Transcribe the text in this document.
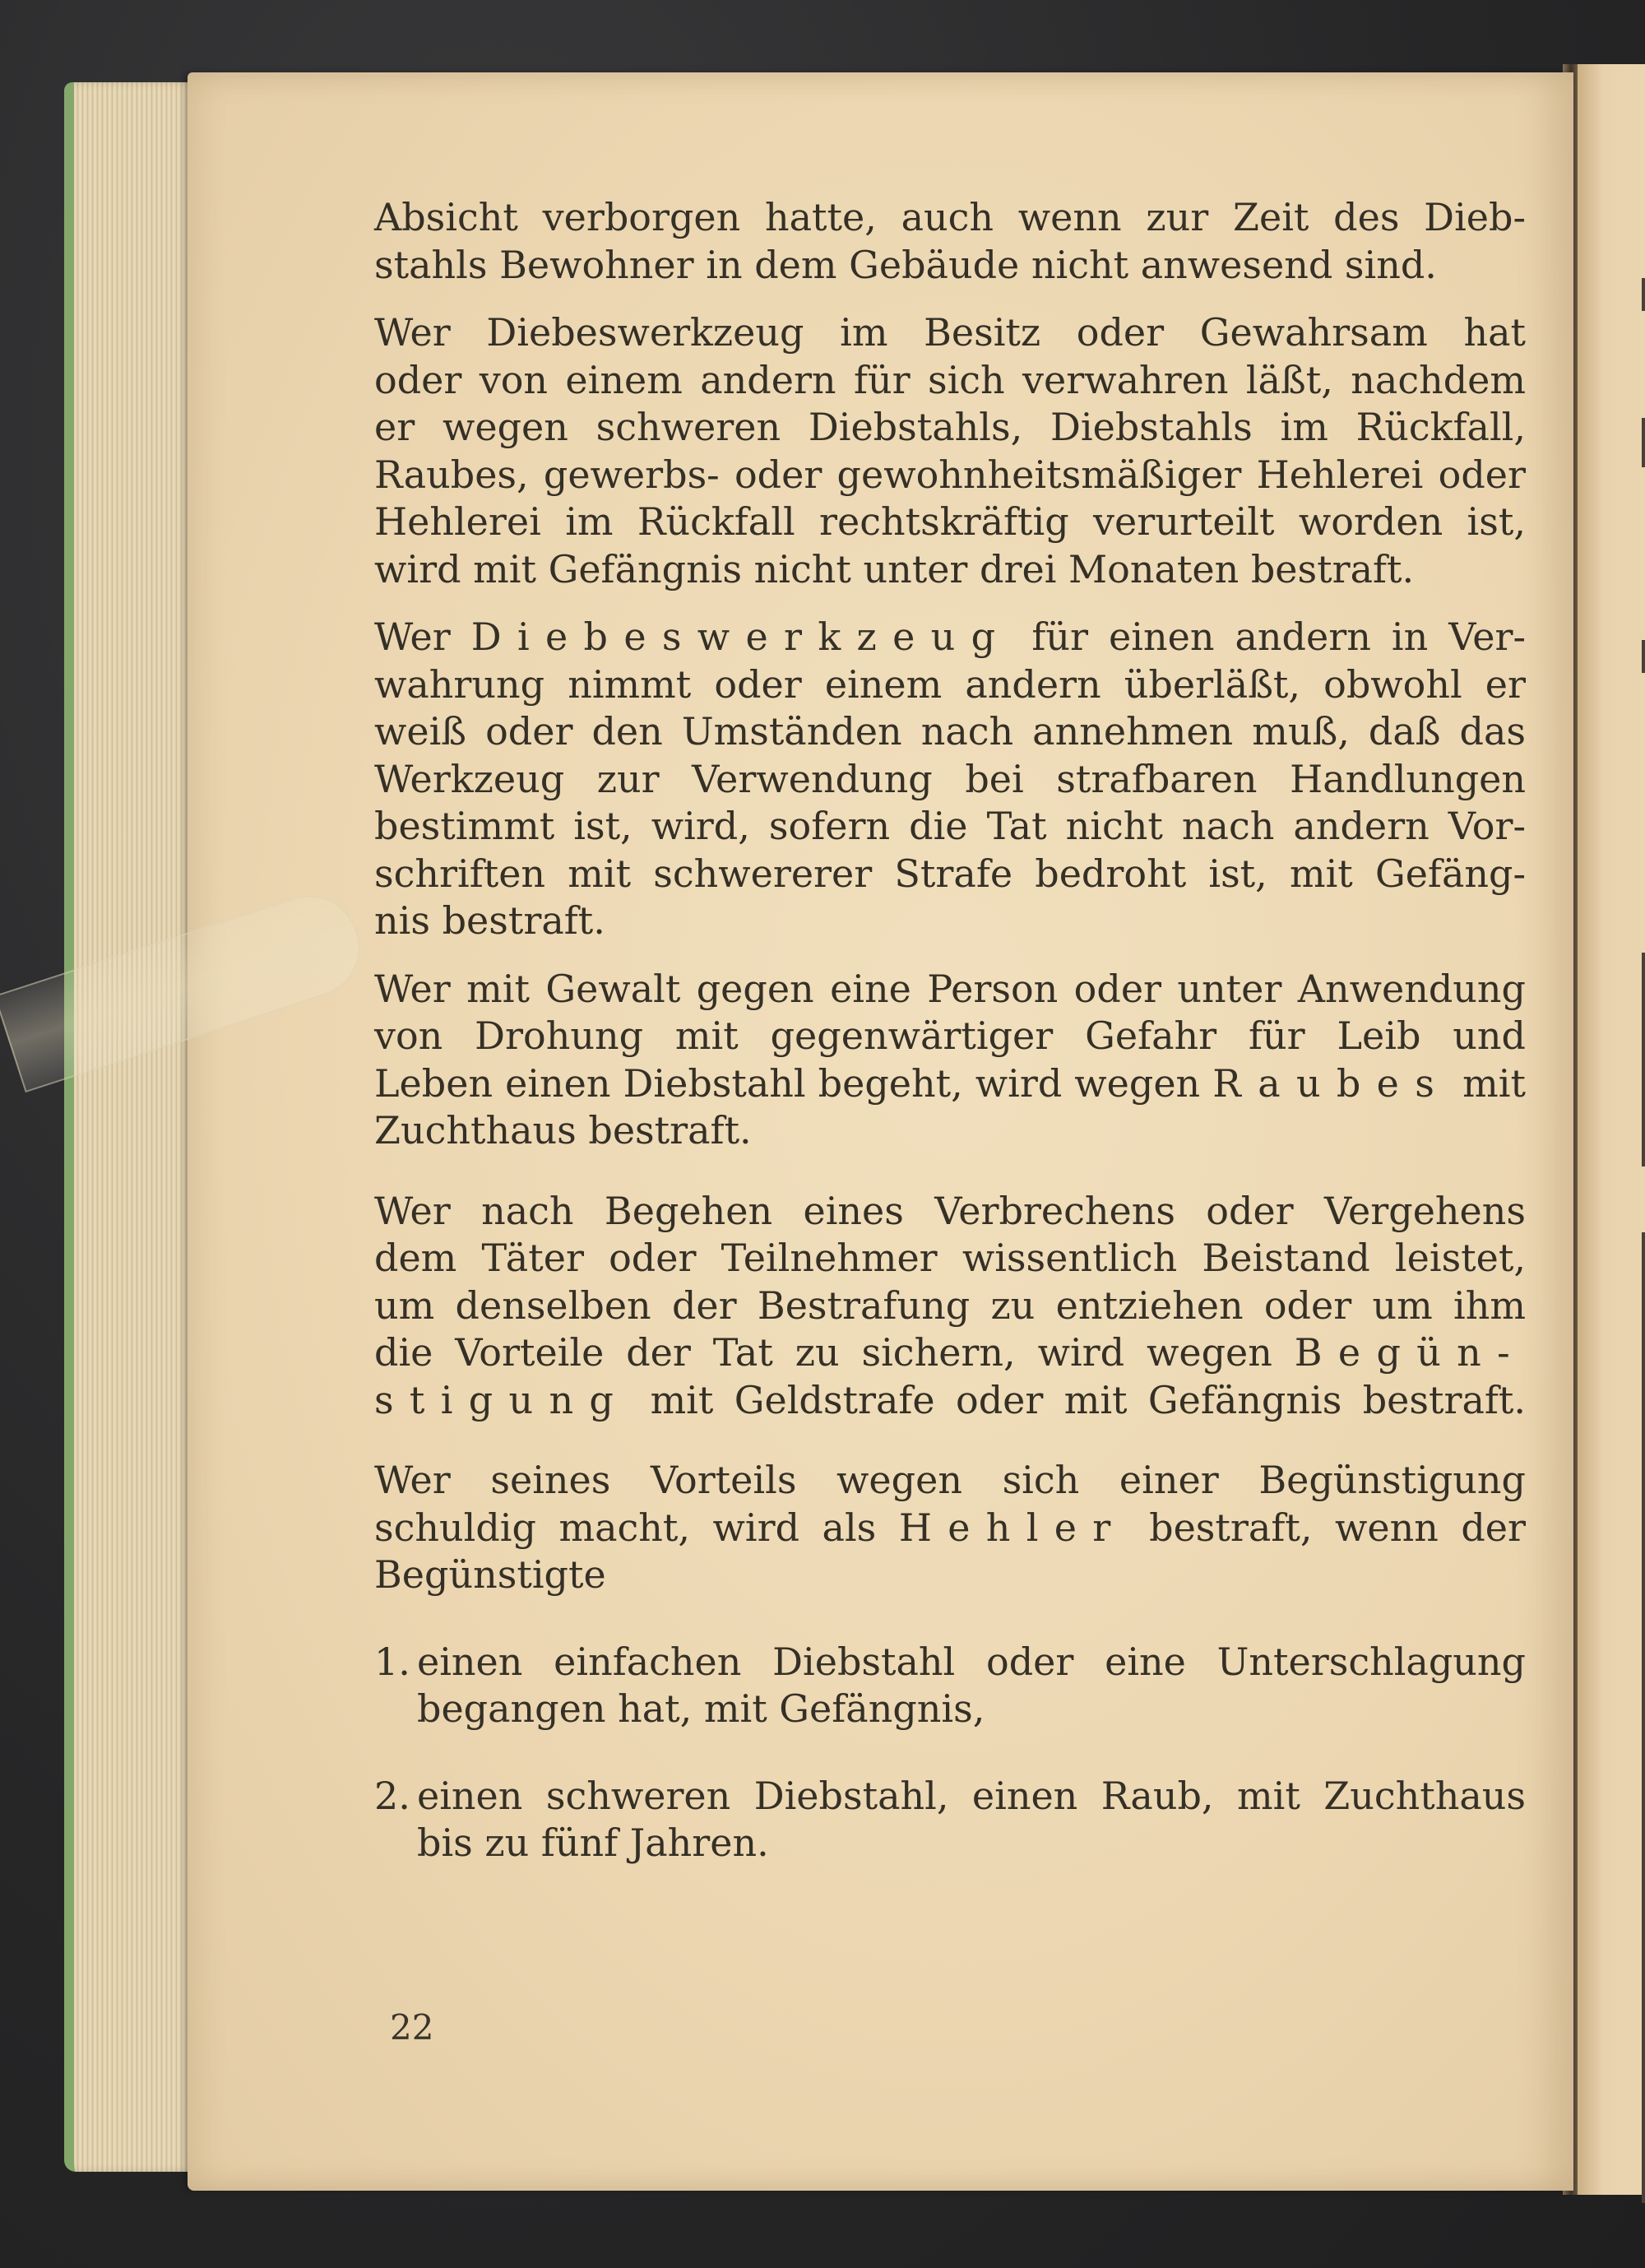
Absicht verborgen hatte, auch wenn zur Zeit des Dieb-
stahls Bewohner in dem Gebäude nicht anwesend sind.

Wer Diebeswerkzeug im Besitz oder Gewahrsam hat
oder von einem andern für sich verwahren läßt, nachdem
er wegen schweren Diebstahls, Diebstahls im Rückfall,
Raubes, gewerbs- oder gewohnheitsmäßiger Hehlerei oder
Hehlerei im Rückfall rechtskräftig verurteilt worden ist,
wird mit Gefängnis nicht unter drei Monaten bestraft.

Wer Diebeswerkzeug für einen andern in Ver-
wahrung nimmt oder einem andern überläßt, obwohl er
weiß oder den Umständen nach annehmen muß, daß das
Werkzeug zur Verwendung bei strafbaren Handlungen
bestimmt ist, wird, sofern die Tat nicht nach andern Vor-
schriften mit schwererer Strafe bedroht ist, mit Gefäng-
nis bestraft.

Wer mit Gewalt gegen eine Person oder unter Anwendung
von Drohung mit gegenwärtiger Gefahr für Leib und
Leben einen Diebstahl begeht, wird wegen Raubes mit
Zuchthaus bestraft.

Wer nach Begehen eines Verbrechens oder Vergehens
dem Täter oder Teilnehmer wissentlich Beistand leistet,
um denselben der Bestrafung zu entziehen oder um ihm
die Vorteile der Tat zu sichern, wird wegen Begün-
stigung mit Geldstrafe oder mit Gefängnis bestraft.

Wer seines Vorteils wegen sich einer Begünstigung
schuldig macht, wird als Hehler bestraft, wenn der
Begünstigte

1. einen einfachen Diebstahl oder eine Unterschlagung
begangen hat, mit Gefängnis,
2. einen schweren Diebstahl, einen Raub, mit Zuchthaus
bis zu fünf Jahren.
22
